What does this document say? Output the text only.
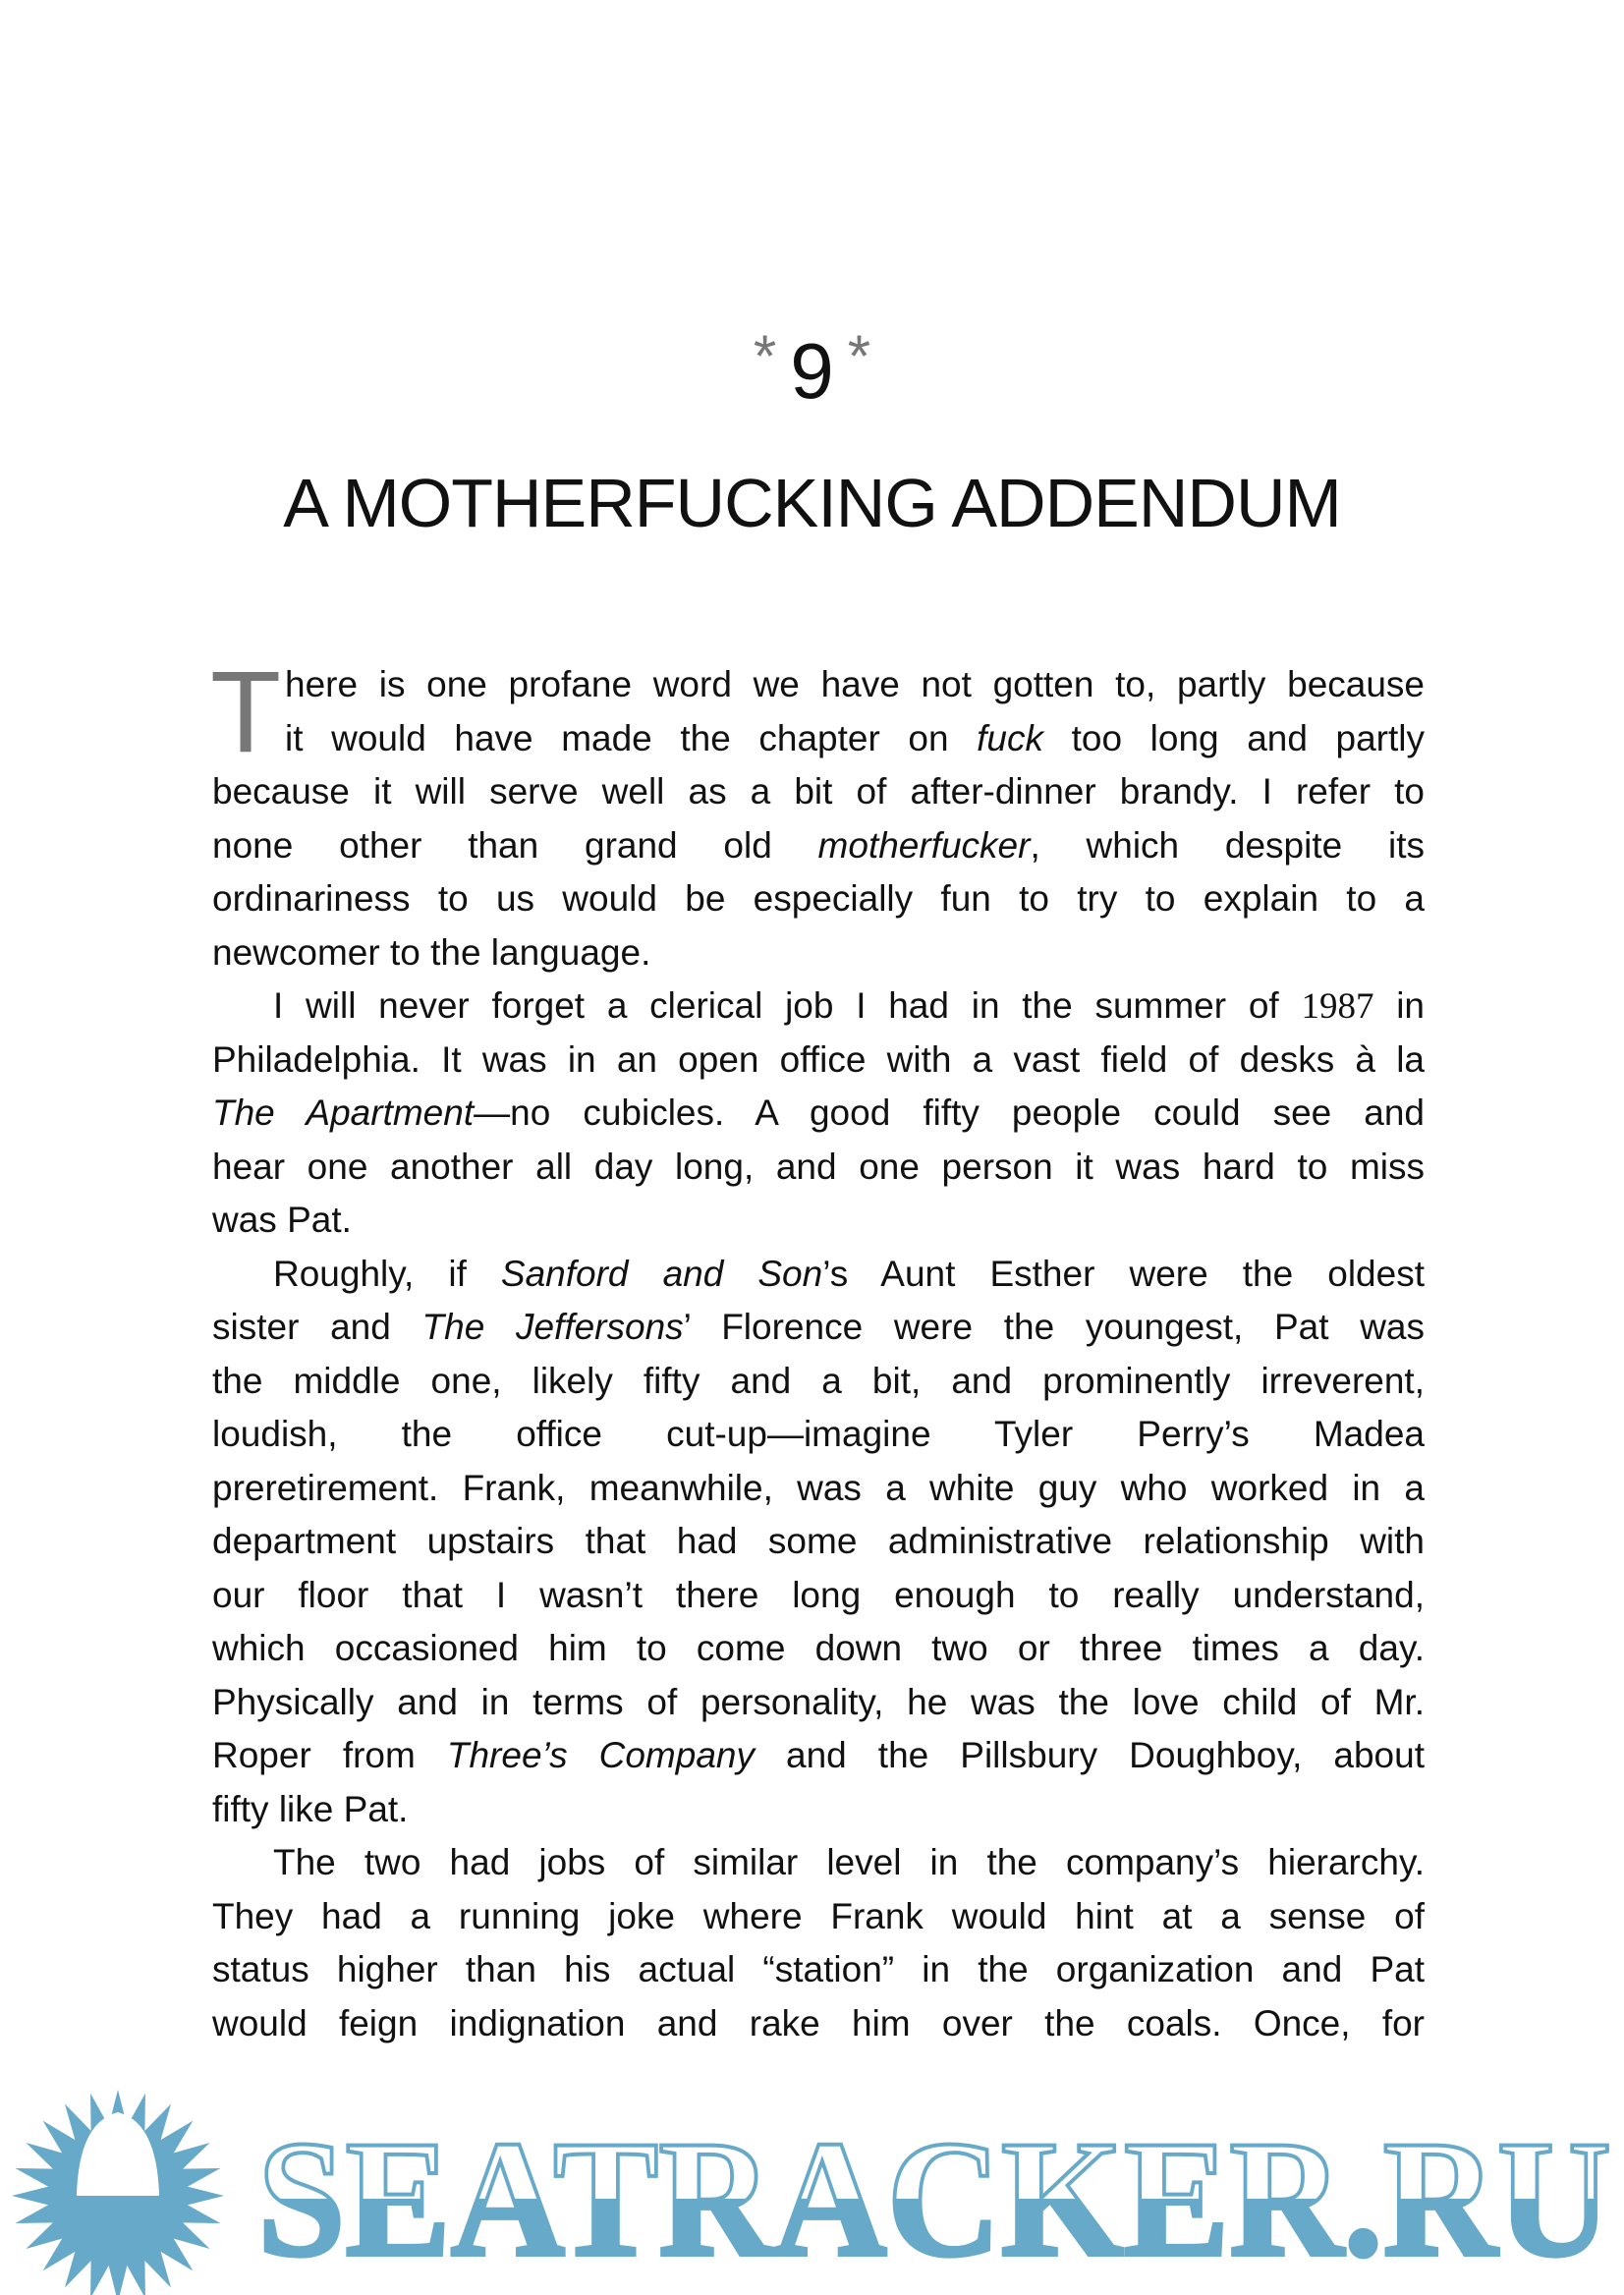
* 9 *
A MOTHERFUCKING ADDENDUM
T here is one profane word we have not gotten to, partly because
it would have made the chapter on fuck too long and partly
because it will serve well as a bit of after-dinner brandy. I refer to
none other than grand old motherfucker, which despite its
ordinariness to us would be especially fun to try to explain to a
newcomer to the language.
I will never forget a clerical job I had in the summer of 1987 in
Philadelphia. It was in an open office with a vast field of desks à la
The Apartment—no cubicles. A good fifty people could see and
hear one another all day long, and one person it was hard to miss
was Pat.
Roughly, if Sanford and Son’s Aunt Esther were the oldest
sister and The Jeffersons’ Florence were the youngest, Pat was
the middle one, likely fifty and a bit, and prominently irreverent,
loudish, the office cut-up—imagine Tyler Perry’s Madea
preretirement. Frank, meanwhile, was a white guy who worked in a
department upstairs that had some administrative relationship with
our floor that I wasn’t there long enough to really understand,
which occasioned him to come down two or three times a day.
Physically and in terms of personality, he was the love child of Mr.
Roper from Three’s Company and the Pillsbury Doughboy, about
fifty like Pat.
The two had jobs of similar level in the company’s hierarchy.
They had a running joke where Frank would hint at a sense of
status higher than his actual “station” in the organization and Pat
would feign indignation and rake him over the coals. Once, for
SEATRACKER.RU
